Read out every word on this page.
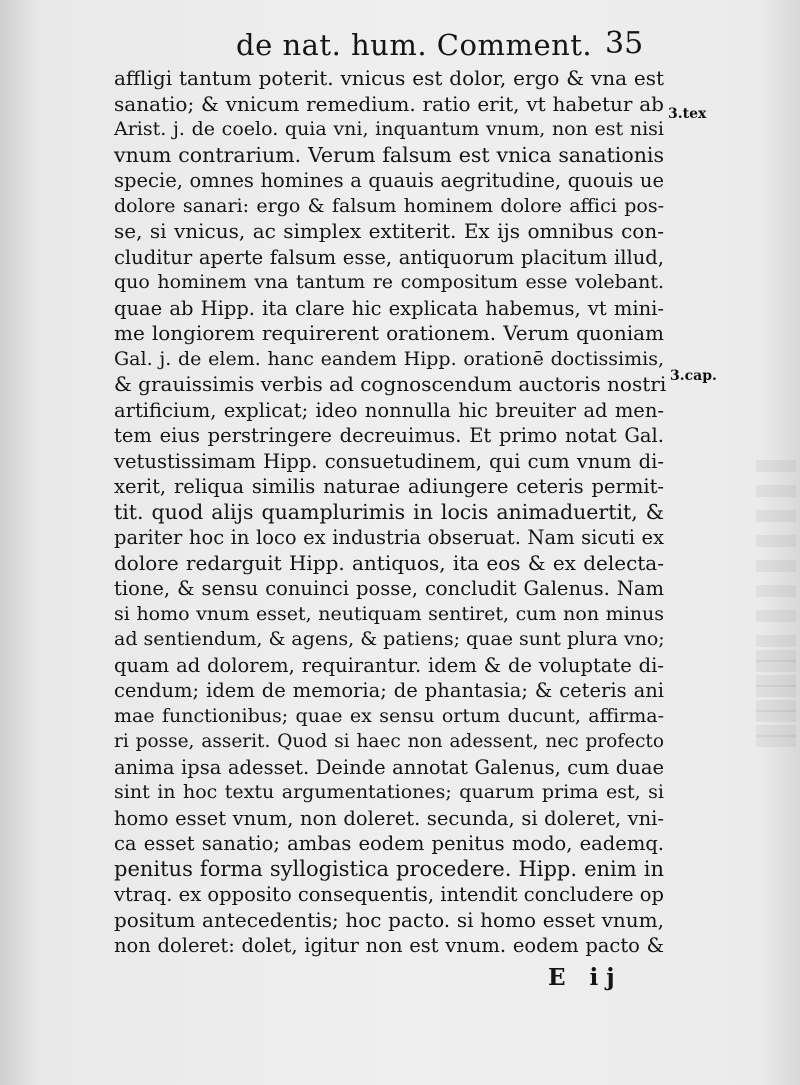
de nat. hum. Comment. 35
3.tex
3.cap.
affligi tantum poterit. vnicus est dolor, ergo & vna est
sanatio; & vnicum remedium. ratio erit, vt habetur ab
Arist. j. de coelo. quia vni, inquantum vnum, non est nisi
vnum contrarium. Verum falsum est vnica sanationis
specie, omnes homines a quauis aegritudine, quouis ue
dolore sanari: ergo & falsum hominem dolore affici pos-
se, si vnicus, ac simplex extiterit. Ex ijs omnibus con-
cluditur aperte falsum esse, antiquorum placitum illud,
quo hominem vna tantum re compositum esse volebant.
quae ab Hipp. ita clare hic explicata habemus, vt mini-
me longiorem requirerent orationem. Verum quoniam
Gal. j. de elem. hanc eandem Hipp. orationē doctissimis,
& grauissimis verbis ad cognoscendum auctoris nostri
artificium, explicat; ideo nonnulla hic breuiter ad men-
tem eius perstringere decreuimus. Et primo notat Gal.
vetustissimam Hipp. consuetudinem, qui cum vnum di-
xerit, reliqua similis naturae adiungere ceteris permit-
tit. quod alijs quamplurimis in locis animaduertit, &
pariter hoc in loco ex industria obseruat. Nam sicuti ex
dolore redarguit Hipp. antiquos, ita eos & ex delecta-
tione, & sensu conuinci posse, concludit Galenus. Nam
si homo vnum esset, neutiquam sentiret, cum non minus
ad sentiendum, & agens, & patiens; quae sunt plura vno;
quam ad dolorem, requirantur. idem & de voluptate di-
cendum; idem de memoria; de phantasia; & ceteris ani
mae functionibus; quae ex sensu ortum ducunt, affirma-
ri posse, asserit. Quod si haec non adessent, nec profecto
anima ipsa adesset. Deinde annotat Galenus, cum duae
sint in hoc textu argumentationes; quarum prima est, si
homo esset vnum, non doleret. secunda, si doleret, vni-
ca esset sanatio; ambas eodem penitus modo, eademq.
penitus forma syllogistica procedere. Hipp. enim in
vtraq. ex opposito consequentis, intendit concludere op
positum antecedentis; hoc pacto. si homo esset vnum,
non doleret: dolet, igitur non est vnum. eodem pacto &
E ij
